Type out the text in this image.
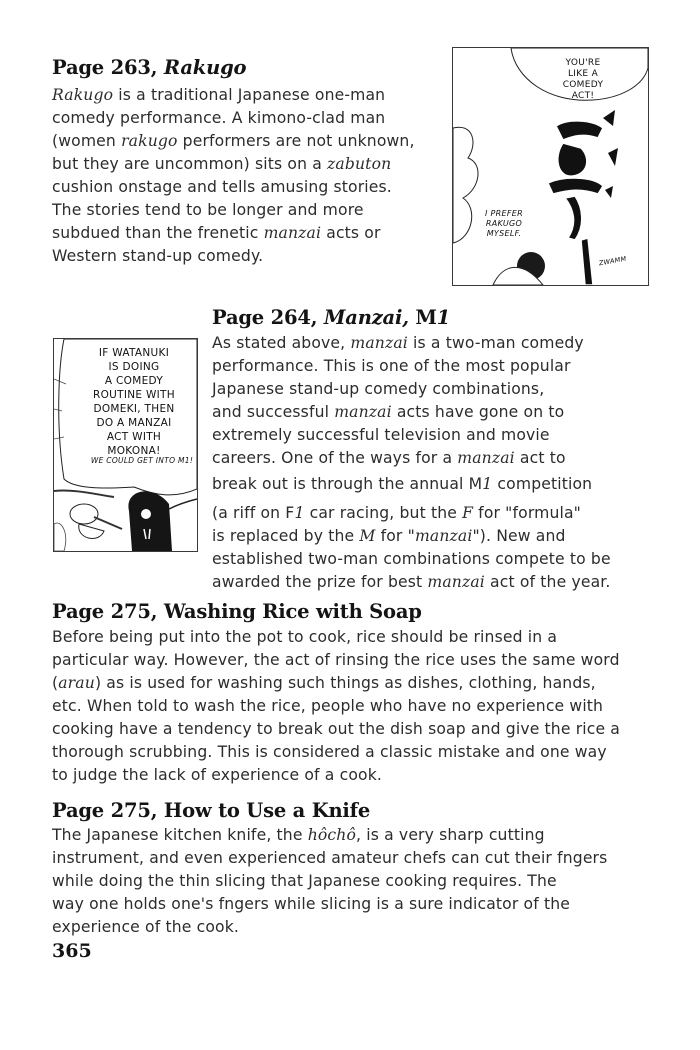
Page 263, Rakugo
Rakugo is a traditional Japanese one-man
comedy performance. A kimono-clad man
(women rakugo performers are not unknown,
but they are uncommon) sits on a zabuton
cushion onstage and tells amusing stories.
The stories tend to be longer and more
subdued than the frenetic manzai acts or
Western stand-up comedy.
YOU'RE
LIKE A
COMEDY
ACT!
I PREFER
RAKUGO
MYSELF.
ZWAMM
Page 264, Manzai, M1
As stated above, manzai is a two-man comedy
performance. This is one of the most popular
Japanese stand-up comedy combinations,
and successful manzai acts have gone on to
extremely successful television and movie
careers. One of the ways for a manzai act to
break out is through the annual M1 competition
(a riff on F1 car racing, but the F for "formula"
is replaced by the M for "manzai"). New and
established two-man combinations compete to be
awarded the prize for best manzai act of the year.
IF WATANUKI
IS DOING
A COMEDY
ROUTINE WITH
DOMEKI, THEN
DO A MANZAI
ACT WITH
MOKONA!
WE COULD GET INTO M1!
Page 275, Washing Rice with Soap
Before being put into the pot to cook, rice should be rinsed in a
particular way. However, the act of rinsing the rice uses the same word
(arau) as is used for washing such things as dishes, clothing, hands,
etc. When told to wash the rice, people who have no experience with
cooking have a tendency to break out the dish soap and give the rice a
thorough scrubbing. This is considered a classic mistake and one way
to judge the lack of experience of a cook.
Page 275, How to Use a Knife
The Japanese kitchen knife, the hôchô, is a very sharp cutting
instrument, and even experienced amateur chefs can cut their fngers
while doing the thin slicing that Japanese cooking requires. The
way one holds one's fngers while slicing is a sure indicator of the
experience of the cook.
365
